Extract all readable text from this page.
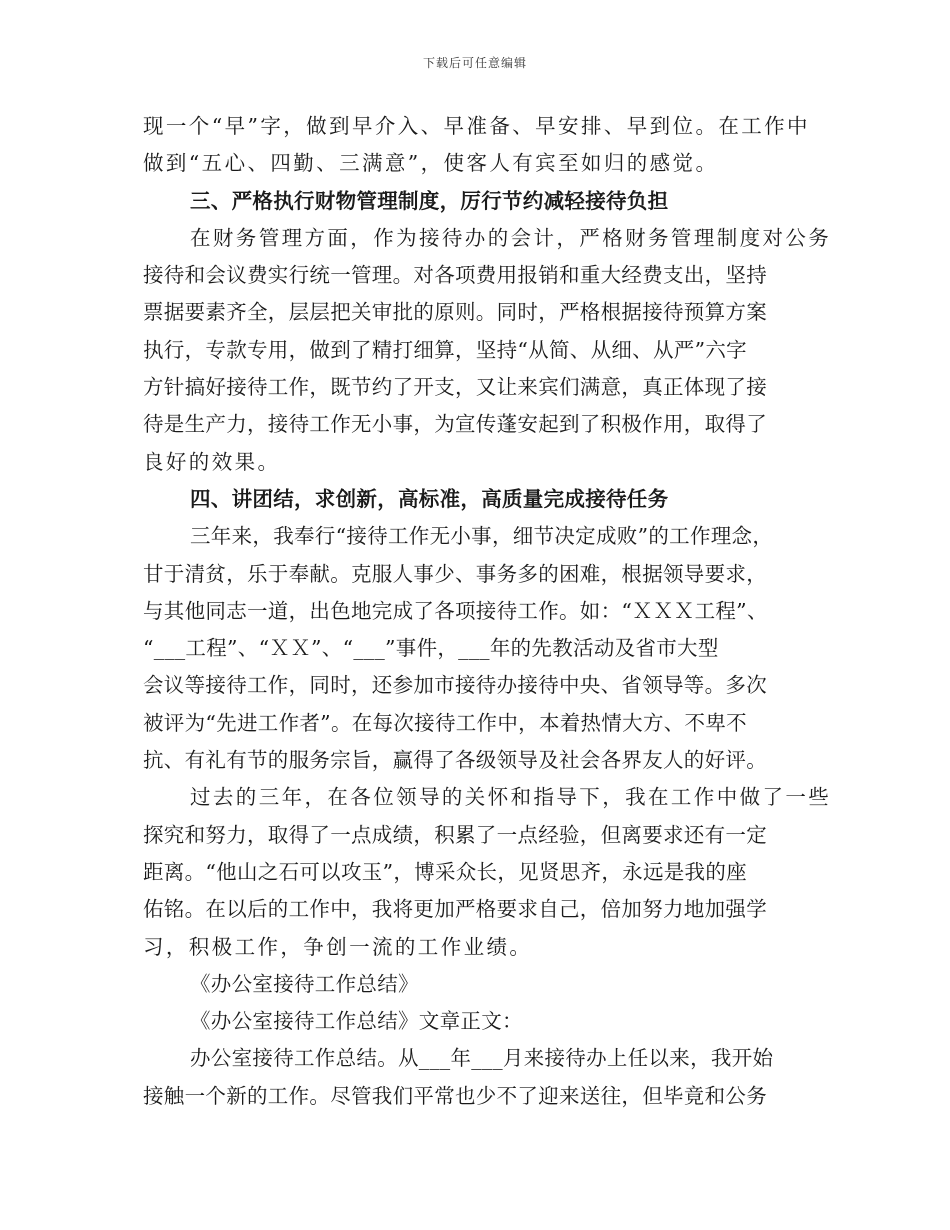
下载后可任意编辑
现一个“早”字，做到早介入、早准备、早安排、早到位。在工作中
做到“五心、四勤、三满意”，使客人有宾至如归的感觉。
三、严格执行财物管理制度，厉行节约减轻接待负担
在财务管理方面，作为接待办的会计，严格财务管理制度对公务
接待和会议费实行统一管理。对各项费用报销和重大经费支出，坚持
票据要素齐全，层层把关审批的原则。同时，严格根据接待预算方案
执行，专款专用，做到了精打细算，坚持“从简、从细、从严”六字
方针搞好接待工作，既节约了开支，又让来宾们满意，真正体现了接
待是生产力，接待工作无小事，为宣传蓬安起到了积极作用，取得了
良好的效果。
四、讲团结，求创新，高标准，高质量完成接待任务
三年来，我奉行“接待工作无小事，细节决定成败”的工作理念，
甘于清贫，乐于奉献。克服人事少、事务多的困难，根据领导要求，
与其他同志一道，出色地完成了各项接待工作。如：“ＸＸＸ工程”、
“___工程”、“ＸＸ”、“___”事件，___年的先教活动及省市大型
会议等接待工作，同时，还参加市接待办接待中央、省领导等。多次
被评为“先进工作者”。在每次接待工作中，本着热情大方、不卑不
抗、有礼有节的服务宗旨，赢得了各级领导及社会各界友人的好评。
过去的三年，在各位领导的关怀和指导下，我在工作中做了一些
探究和努力，取得了一点成绩，积累了一点经验，但离要求还有一定
距离。“他山之石可以攻玉”，博采众长，见贤思齐，永远是我的座
佑铭。在以后的工作中，我将更加严格要求自己，倍加努力地加强学
习，积极工作，争创一流的工作业绩。
《办公室接待工作总结》
《办公室接待工作总结》文章正文：
办公室接待工作总结。从___年___月来接待办上任以来，我开始
接触一个新的工作。尽管我们平常也少不了迎来送往，但毕竟和公务
